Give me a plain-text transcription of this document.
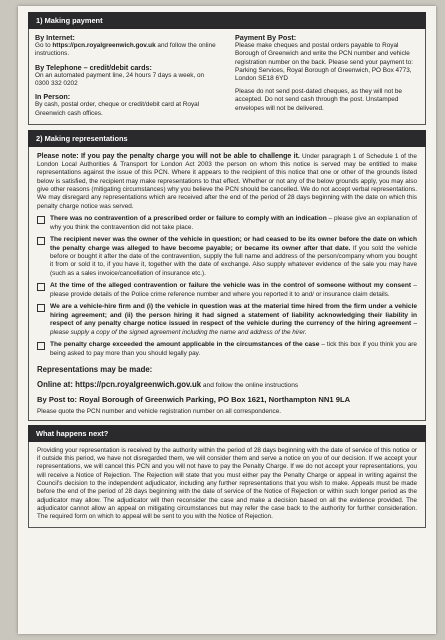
1) Making payment
By Internet:

Go to https://pcn.royalgreenwich.gov.uk and follow the online instructions.

By Telephone – credit/debit cards:

On an automated payment line, 24 hours 7 days a week, on 0300 332 0202

In Person:

By cash, postal order, cheque or credit/debit card at Royal Greenwich cash offices.

Payment By Post:

Please make cheques and postal orders payable to Royal Borough of Greenwich and write the PCN number and vehicle registration number on the back. Please send your payment to: Parking Services, Royal Borough of Greenwich, PO Box 4773, London SE18 6YD

Please do not send post-dated cheques, as they will not be accepted. Do not send cash through the post. Unstamped envelopes will not be delivered.

2) Making representations

Please note: If you pay the penalty charge you will not be able to challenge it. Under paragraph 1 of Schedule 1 of the London Local Authorities & Transport for London Act 2003 the person on whom this notice is served may be entitled to make representations against the issue of this PCN. Where it appears to the recipient of this notice that one or other of the grounds listed below is satisfied, the recipient may make representations to that effect. Whether or not any of the below grounds apply, you may also give other reasons (mitigating circumstances) why you believe the PCN should be cancelled. We do not accept verbal representations. We may disregard any representations which are received after the end of the period of 28 days beginning with the date on which this penalty charge notice was served.

There was no contravention of a prescribed order or failure to comply with an indication – please give an explanation of why you think the contravention did not take place.
The recipient never was the owner of the vehicle in question; or had ceased to be its owner before the date on which the penalty charge was alleged to have become payable; or became its owner after that date. If you sold the vehicle before or bought it after the date of the contravention, supply the full name and address of the person/company whom you bought it from or sold it to, if you have it, together with the date of exchange. Also supply whatever evidence of the sale you may have (such as a sales invoice/cancellation of insurance etc.).
At the time of the alleged contravention or failure the vehicle was in the control of someone without my consent – please provide details of the Police crime reference number and where you reported it to and/ or insurance claim details.
We are a vehicle-hire firm and (i) the vehicle in question was at the material time hired from the firm under a vehicle hiring agreement; and (ii) the person hiring it had signed a statement of liability acknowledging their liability in respect of any penalty charge notice issued in respect of the vehicle during the currency of the hiring agreement – please supply a copy of the signed agreement including the name and address of the hirer.
The penalty charge exceeded the amount applicable in the circumstances of the case – tick this box if you think you are being asked to pay more than you should legally pay.
Representations may be made:
Online at: https://pcn.royalgreenwich.gov.uk and follow the online instructions
By Post to: Royal Borough of Greenwich Parking, PO Box 1621, Northampton NN1 9LA
Please quote the PCN number and vehicle registration number on all correspondence.
What happens next?

Providing your representation is received by the authority within the period of 28 days beginning with the date of service of this notice or if outside this period, we have not disregarded them, we will consider them and serve a notice on you of our decision. If we accept your representations, we will cancel this PCN and you will not have to pay the Penalty Charge. If we do not accept your representations, you will receive a Notice of Rejection. The Rejection will state that you must either pay the Penalty Charge or appeal in writing against the Council's decision to the independent adjudicator, including any further representations that you wish to make. Appeals must be made before the end of the period of 28 days beginning with the date of service of the Notice of Rejection or within such longer period as the adjudicator may allow. The adjudicator will then reconsider the case and make a decision based on all the evidence provided. The adjudicator cannot allow an appeal on mitigating circumstances but may refer the case back to the authority for further consideration. The required form on which to appeal will be sent to you with the Notice of Rejection.
